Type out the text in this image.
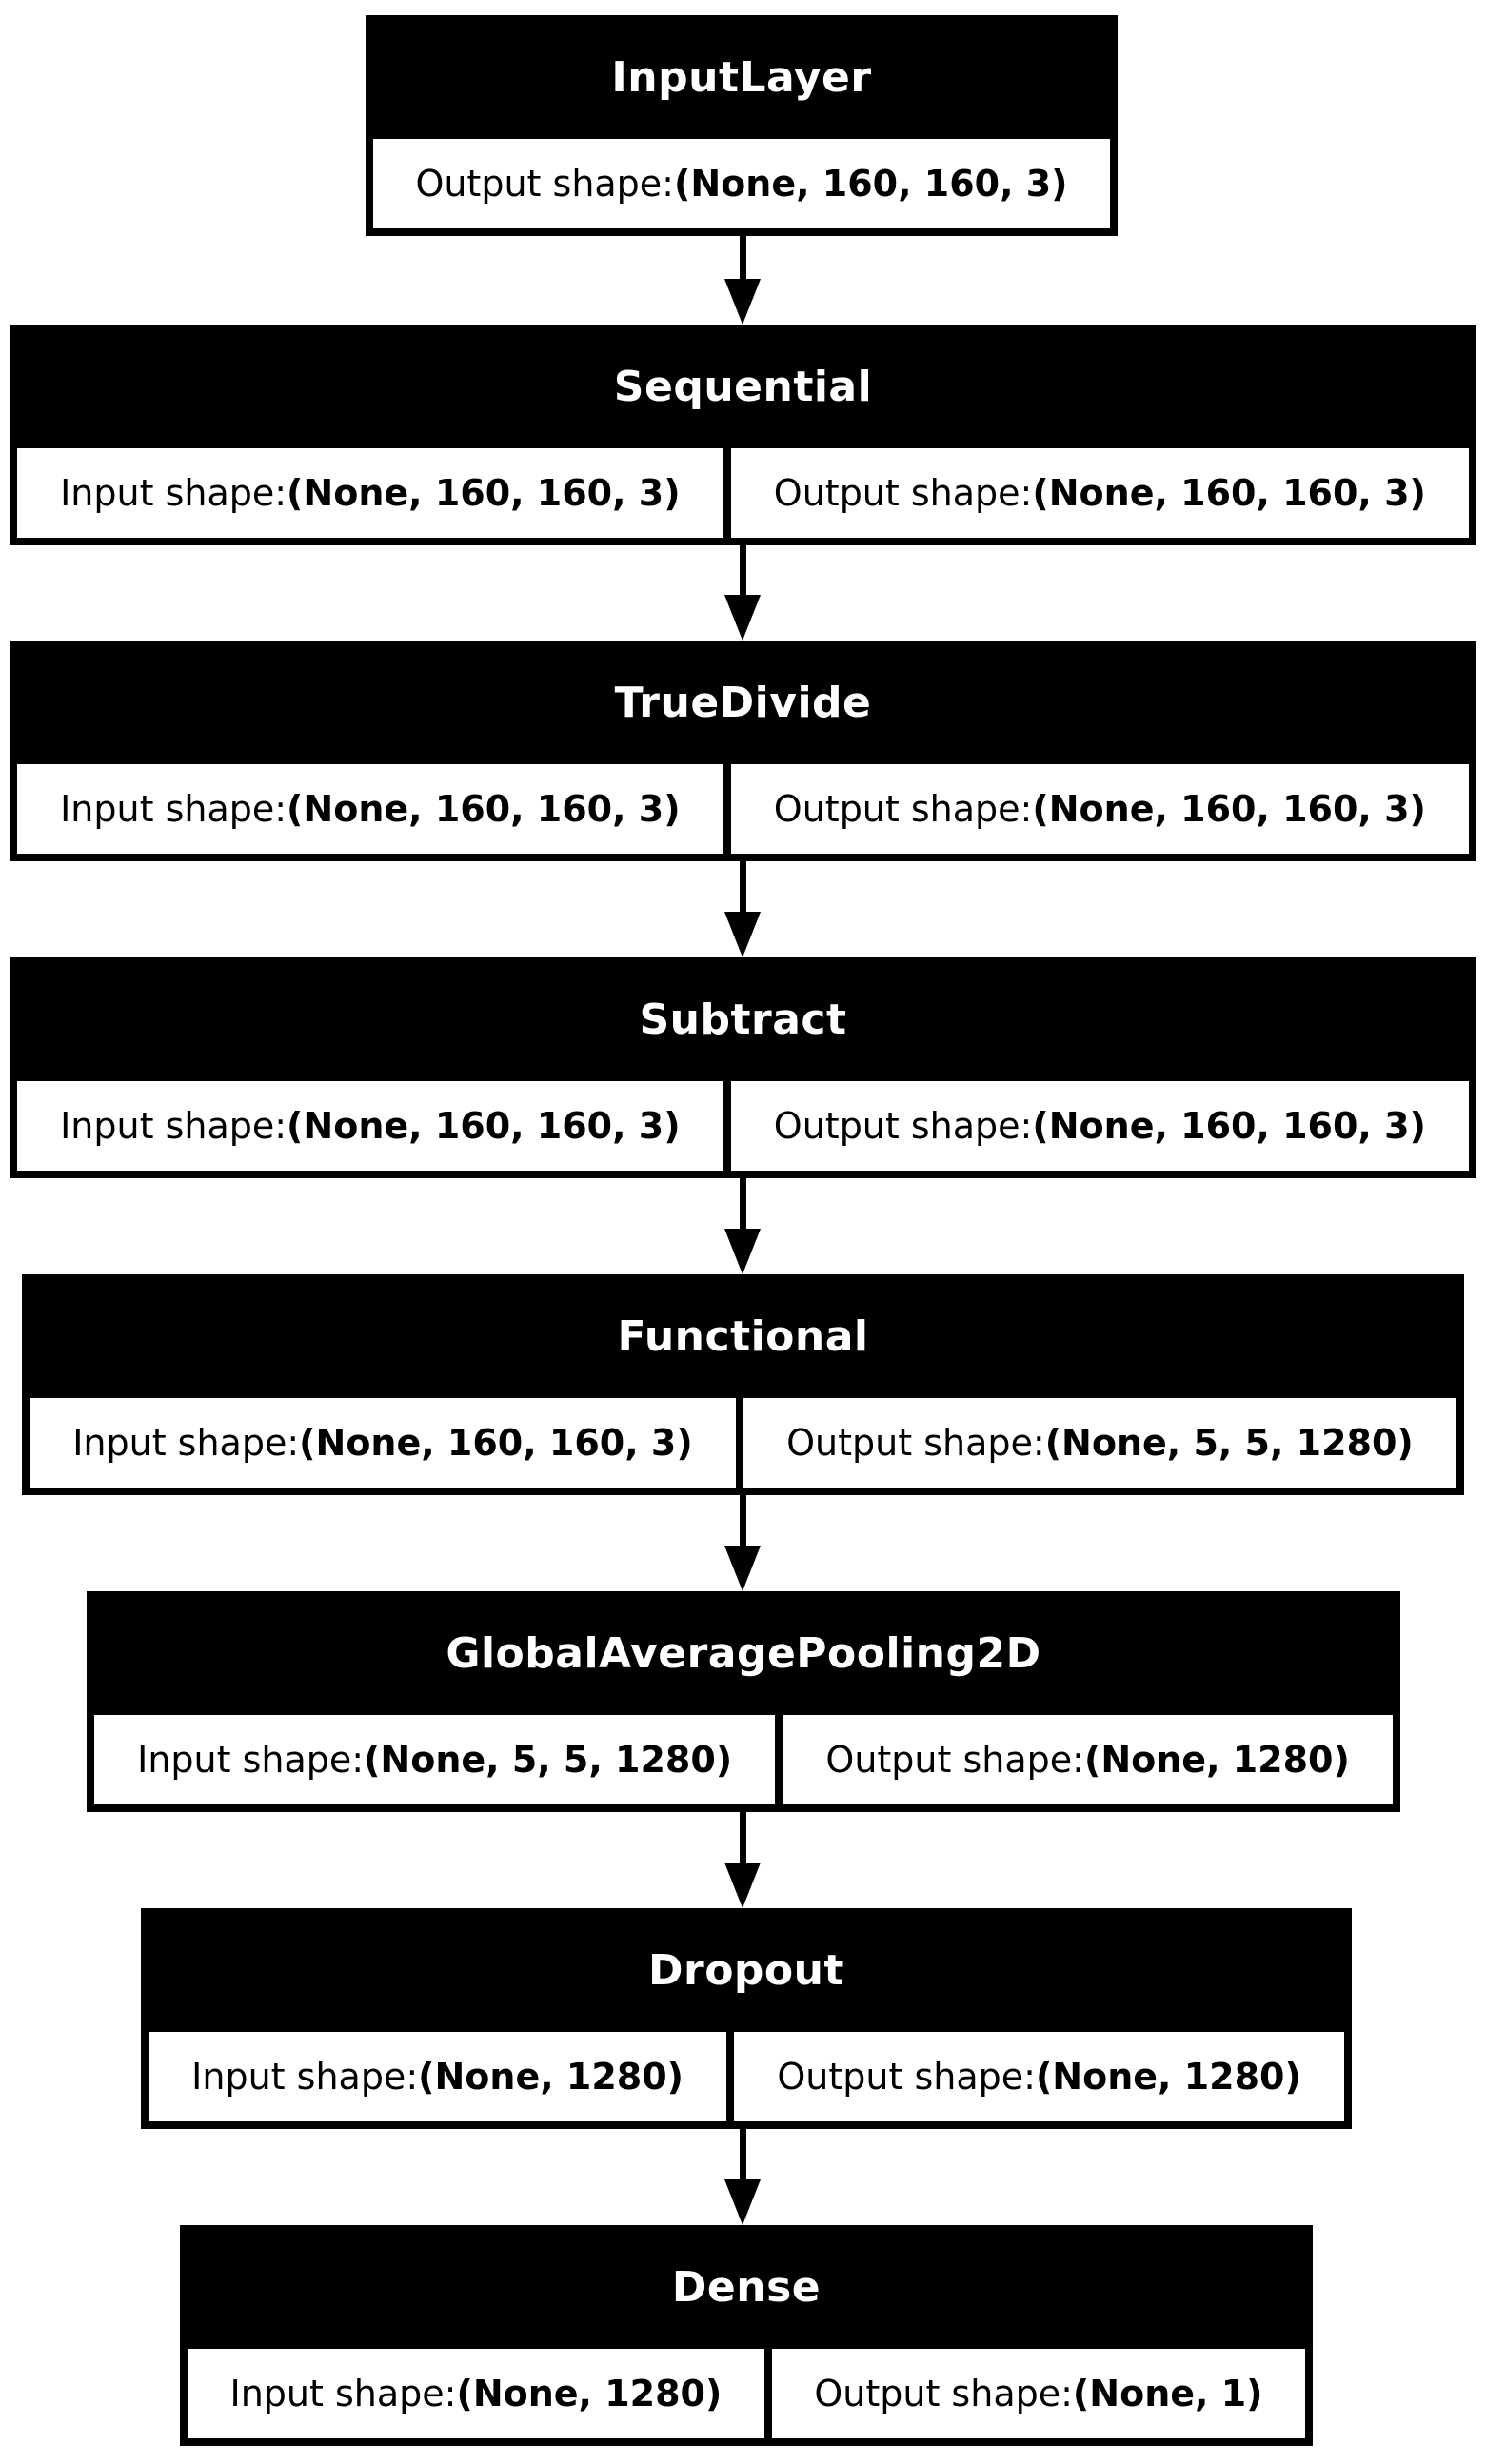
InputLayer
Output shape: (None, 160, 160, 3)
Sequential
Input shape: (None, 160, 160, 3)	Output shape: (None, 160, 160, 3)
TrueDivide
Input shape: (None, 160, 160, 3)	Output shape: (None, 160, 160, 3)
Subtract
Input shape: (None, 160, 160, 3)	Output shape: (None, 160, 160, 3)
Functional
Input shape: (None, 160, 160, 3)	Output shape: (None, 5, 5, 1280)
GlobalAveragePooling2D
Input shape: (None, 5, 5, 1280)	Output shape: (None, 1280)
Dropout
Input shape: (None, 1280)	Output shape: (None, 1280)
Dense
Input shape: (None, 1280)	Output shape: (None, 1)
